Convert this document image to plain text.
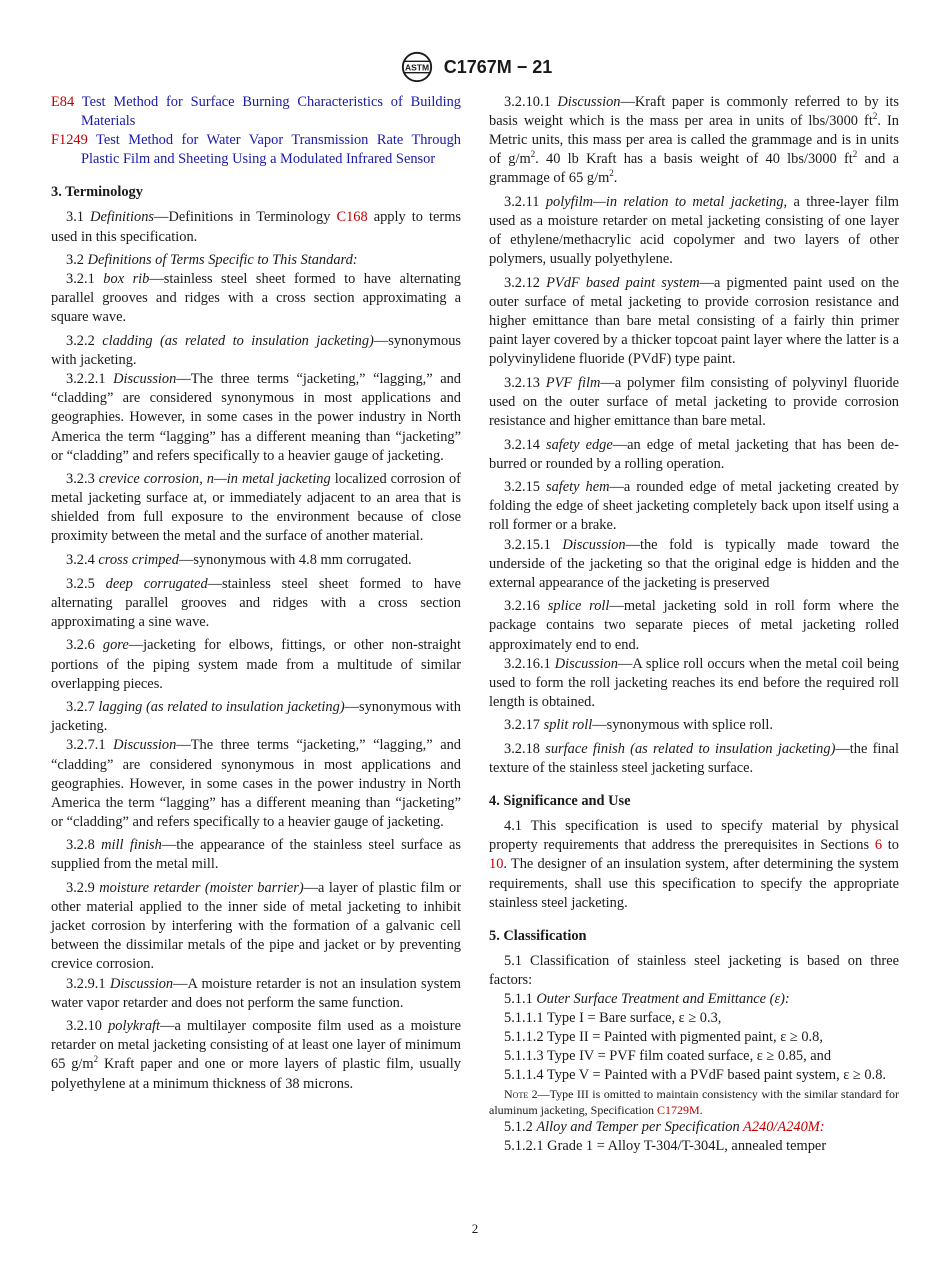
ASTM C1767M − 21

E84 Test Method for Surface Burning Characteristics of Building Materials

F1249 Test Method for Water Vapor Transmission Rate Through Plastic Film and Sheeting Using a Modulated Infrared Sensor

3. Terminology

3.1 Definitions—Definitions in Terminology C168 apply to terms used in this specification.

3.2 Definitions of Terms Specific to This Standard:

3.2.1 box rib—stainless steel sheet formed to have alternating parallel grooves and ridges with a cross section approximating a square wave.

3.2.2 cladding (as related to insulation jacketing)—synonymous with jacketing.

3.2.2.1 Discussion—The three terms “jacketing,” “lagging,” and “cladding” are considered synonymous in most applications and geographies. However, in some cases in the power industry in North America the term “lagging” has a different meaning than “jacketing” or “cladding” and refers specifically to a heavier gauge of jacketing.

3.2.3 crevice corrosion, n—in metal jacketing localized corrosion of metal jacketing surface at, or immediately adjacent to an area that is shielded from full exposure to the environment because of close proximity between the metal and the surface of another material.

3.2.4 cross crimped—synonymous with 4.8 mm corrugated.

3.2.5 deep corrugated—stainless steel sheet formed to have alternating parallel grooves and ridges with a cross section approximating a sine wave.

3.2.6 gore—jacketing for elbows, fittings, or other non-straight portions of the piping system made from a multitude of similar overlapping pieces.

3.2.7 lagging (as related to insulation jacketing)—synonymous with jacketing.

3.2.7.1 Discussion—The three terms “jacketing,” “lagging,” and “cladding” are considered synonymous in most applications and geographies. However, in some cases in the power industry in North America the term “lagging” has a different meaning than “jacketing” or “cladding” and refers specifically to a heavier gauge of jacketing.

3.2.8 mill finish—the appearance of the stainless steel surface as supplied from the metal mill.

3.2.9 moisture retarder (moister barrier)—a layer of plastic film or other material applied to the inner side of metal jacketing to inhibit jacket corrosion by interfering with the formation of a galvanic cell between the dissimilar metals of the pipe and jacket or by preventing crevice corrosion.

3.2.9.1 Discussion—A moisture retarder is not an insulation system water vapor retarder and does not perform the same function.

3.2.10 polykraft—a multilayer composite film used as a moisture retarder on metal jacketing consisting of at least one layer of minimum 65 $g/m^2$ Kraft paper and one or more layers of plastic film, usually polyethylene at a minimum thickness of 38 microns.

3.2.10.1 Discussion—Kraft paper is commonly referred to by its basis weight which is the mass per area in units of lbs/3000 $ft^2$. In Metric units, this mass per area is called the grammage and is in units of $g/m^2$. 40 lb Kraft has a basis weight of 40 lbs/3000 $ft^2$ and a grammage of 65 $g/m^2$.

3.2.11 polyfilm—in relation to metal jacketing, a three-layer film used as a moisture retarder on metal jacketing consisting of one layer of ethylene/methacrylic acid copolymer and two layers of other polymers, usually polyethylene.

3.2.12 PVdF based paint system—a pigmented paint used on the outer surface of metal jacketing to provide corrosion resistance and higher emittance than bare metal consisting of a fairly thin primer paint layer covered by a thicker topcoat paint layer where the latter is a polyvinylidene fluoride (PVdF) type paint.

3.2.13 PVF film—a polymer film consisting of polyvinyl fluoride used on the outer surface of metal jacketing to provide corrosion resistance and higher emittance than bare metal.

3.2.14 safety edge—an edge of metal jacketing that has been de-burred or rounded by a rolling operation.

3.2.15 safety hem—a rounded edge of metal jacketing created by folding the edge of sheet jacketing completely back upon itself using a roll former or a brake.

3.2.15.1 Discussion—the fold is typically made toward the underside of the jacketing so that the original edge is hidden and the external appearance of the jacketing is preserved

3.2.16 splice roll—metal jacketing sold in roll form where the package contains two separate pieces of metal jacketing rolled approximately end to end.

3.2.16.1 Discussion—A splice roll occurs when the metal coil being used to form the roll jacketing reaches its end before the required roll length is obtained.

3.2.17 split roll—synonymous with splice roll.

3.2.18 surface finish (as related to insulation jacketing)—the final texture of the stainless steel jacketing surface.

4. Significance and Use

4.1 This specification is used to specify material by physical property requirements that address the prerequisites in Sections 6 to 10. The designer of an insulation system, after determining the system requirements, shall use this specification to specify the appropriate stainless steel jacketing.

5. Classification

5.1 Classification of stainless steel jacketing is based on three factors:

5.1.1 Outer Surface Treatment and Emittance (ε):

5.1.1.1 Type I = Bare surface, ε ≥ 0.3,

5.1.1.2 Type II = Painted with pigmented paint, ε ≥ 0.8,

5.1.1.3 Type IV = PVF film coated surface, ε ≥ 0.85, and

5.1.1.4 Type V = Painted with a PVdF based paint system, ε ≥ 0.8.

Note 2—Type III is omitted to maintain consistency with the similar standard for aluminum jacketing, Specification C1729M.

5.1.2 Alloy and Temper per Specification A240/A240M:

5.1.2.1 Grade 1 = Alloy T-304/T-304L, annealed temper

2
